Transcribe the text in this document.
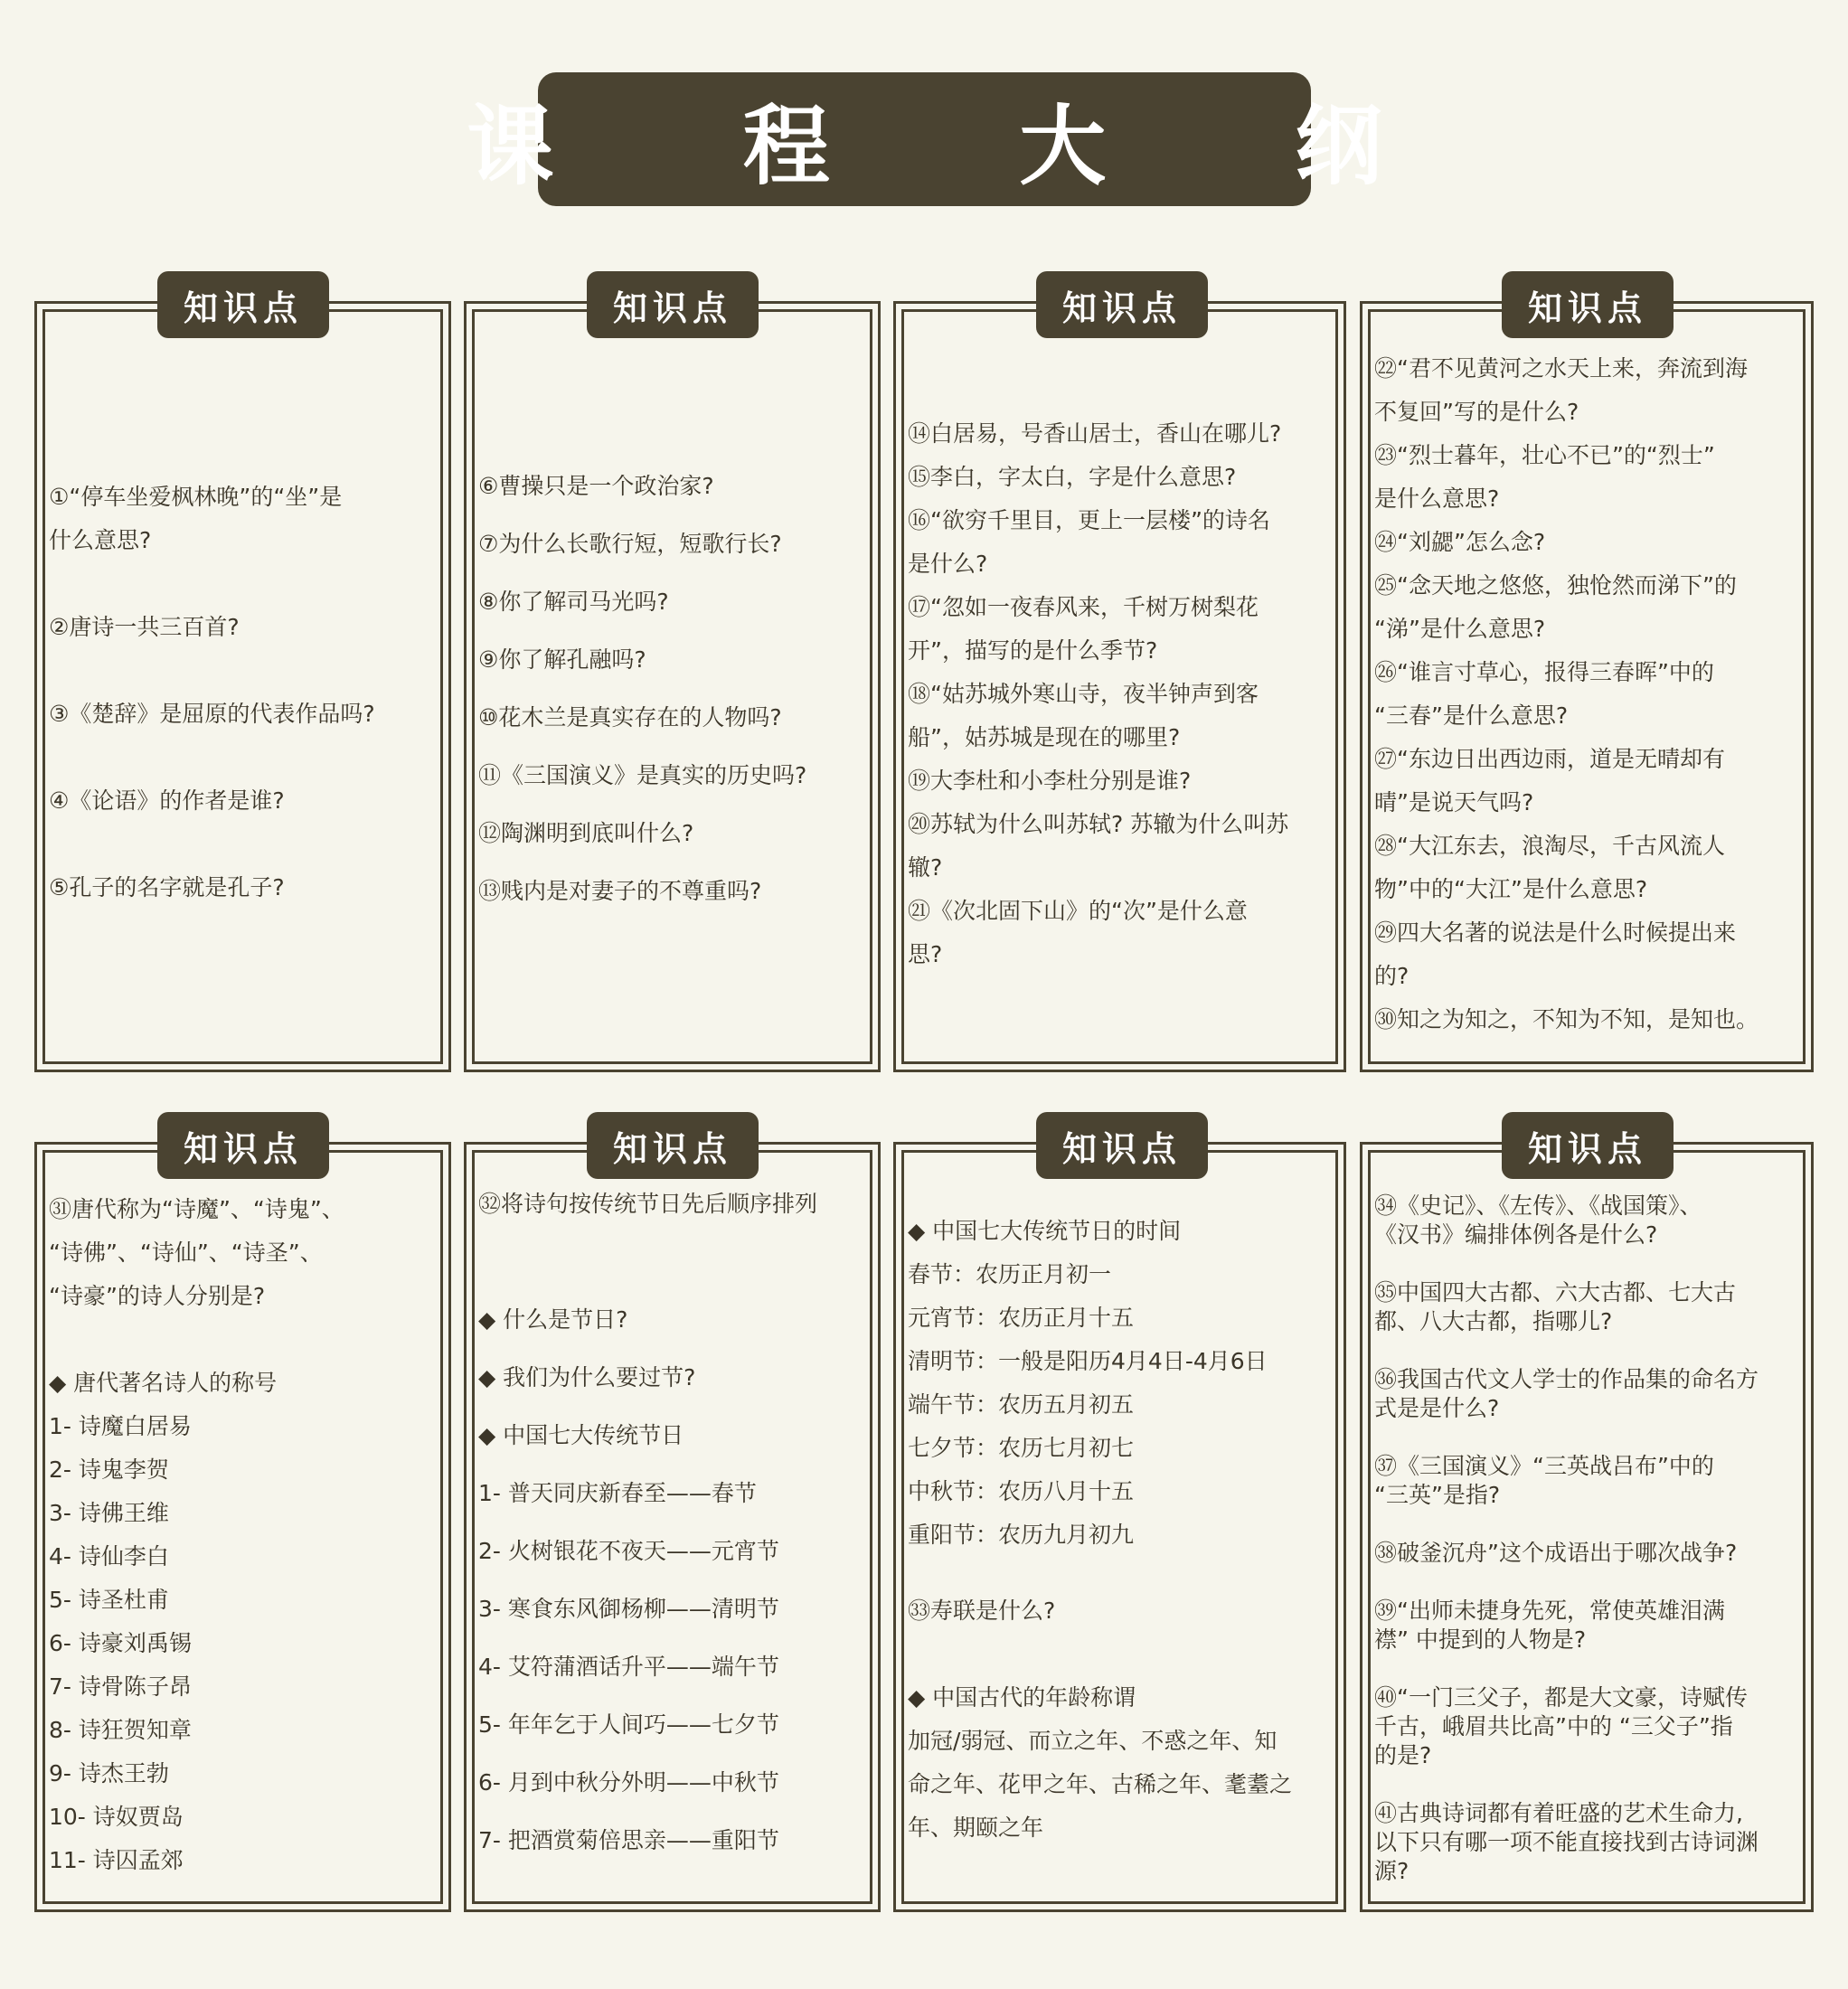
课 程 大 纲
知识点
①“停车坐爱枫林晚”的“坐”是
什么意思?
②唐诗一共三百首?
③《楚辞》是屈原的代表作品吗?
④《论语》的作者是谁?
⑤孔子的名字就是孔子?
知识点
⑥曹操只是一个政治家?
⑦为什么长歌行短，短歌行长?
⑧你了解司马光吗?
⑨你了解孔融吗?
⑩花木兰是真实存在的人物吗?
⑪《三国演义》是真实的历史吗?
⑫陶渊明到底叫什么?
⑬贱内是对妻子的不尊重吗?
知识点
⑭白居易，号香山居士，香山在哪儿?
⑮李白，字太白，字是什么意思?
⑯“欲穷千里目，更上一层楼”的诗名
是什么?
⑰“忽如一夜春风来，千树万树梨花
开”，描写的是什么季节?
⑱“姑苏城外寒山寺，夜半钟声到客
船”，姑苏城是现在的哪里?
⑲大李杜和小李杜分别是谁?
⑳苏轼为什么叫苏轼? 苏辙为什么叫苏
辙?
㉑《次北固下山》的“次”是什么意
思?
知识点
㉒“君不见黄河之水天上来，奔流到海
不复回”写的是什么?
㉓“烈士暮年，壮心不已”的“烈士”
是什么意思?
㉔“刘勰”怎么念?
㉕“念天地之悠悠，独怆然而涕下”的
“涕”是什么意思?
㉖“谁言寸草心，报得三春晖”中的
“三春”是什么意思?
㉗“东边日出西边雨，道是无晴却有
晴”是说天气吗?
㉘“大江东去，浪淘尽，千古风流人
物”中的“大江”是什么意思?
㉙四大名著的说法是什么时候提出来
的?
㉚知之为知之，不知为不知，是知也。
知识点
㉛唐代称为“诗魔”、“诗鬼”、
“诗佛”、“诗仙”、“诗圣”、
“诗豪”的诗人分别是?
◆ 唐代著名诗人的称号
1- 诗魔白居易
2- 诗鬼李贺
3- 诗佛王维
4- 诗仙李白
5- 诗圣杜甫
6- 诗豪刘禹锡
7- 诗骨陈子昂
8- 诗狂贺知章
9- 诗杰王勃
10- 诗奴贾岛
11- 诗囚孟郊
知识点
㉜将诗句按传统节日先后顺序排列
◆ 什么是节日?
◆ 我们为什么要过节?
◆ 中国七大传统节日
1- 普天同庆新春至——春节
2- 火树银花不夜天——元宵节
3- 寒食东风御杨柳——清明节
4- 艾符蒲酒话升平——端午节
5- 年年乞于人间巧——七夕节
6- 月到中秋分外明——中秋节
7- 把酒赏菊倍思亲——重阳节
知识点
◆ 中国七大传统节日的时间
春节：农历正月初一
元宵节：农历正月十五
清明节：一般是阳历4月4日-4月6日
端午节：农历五月初五
七夕节：农历七月初七
中秋节：农历八月十五
重阳节：农历九月初九
㉝寿联是什么?
◆ 中国古代的年龄称谓
加冠/弱冠、而立之年、不惑之年、知
命之年、花甲之年、古稀之年、耄耋之
年、期颐之年
知识点
㉞《史记》、《左传》、《战国策》、
《汉书》编排体例各是什么?
㉟中国四大古都、六大古都、七大古
都、八大古都，指哪儿?
㊱我国古代文人学士的作品集的命名方
式是是什么?
㊲《三国演义》“三英战吕布”中的
“三英”是指?
㊳破釜沉舟”这个成语出于哪次战争?
㊴“出师未捷身先死，常使英雄泪满
襟” 中提到的人物是?
㊵“一门三父子，都是大文豪，诗赋传
千古，峨眉共比高”中的 “三父子”指
的是?
㊶古典诗词都有着旺盛的艺术生命力,
以下只有哪一项不能直接找到古诗词渊
源?
